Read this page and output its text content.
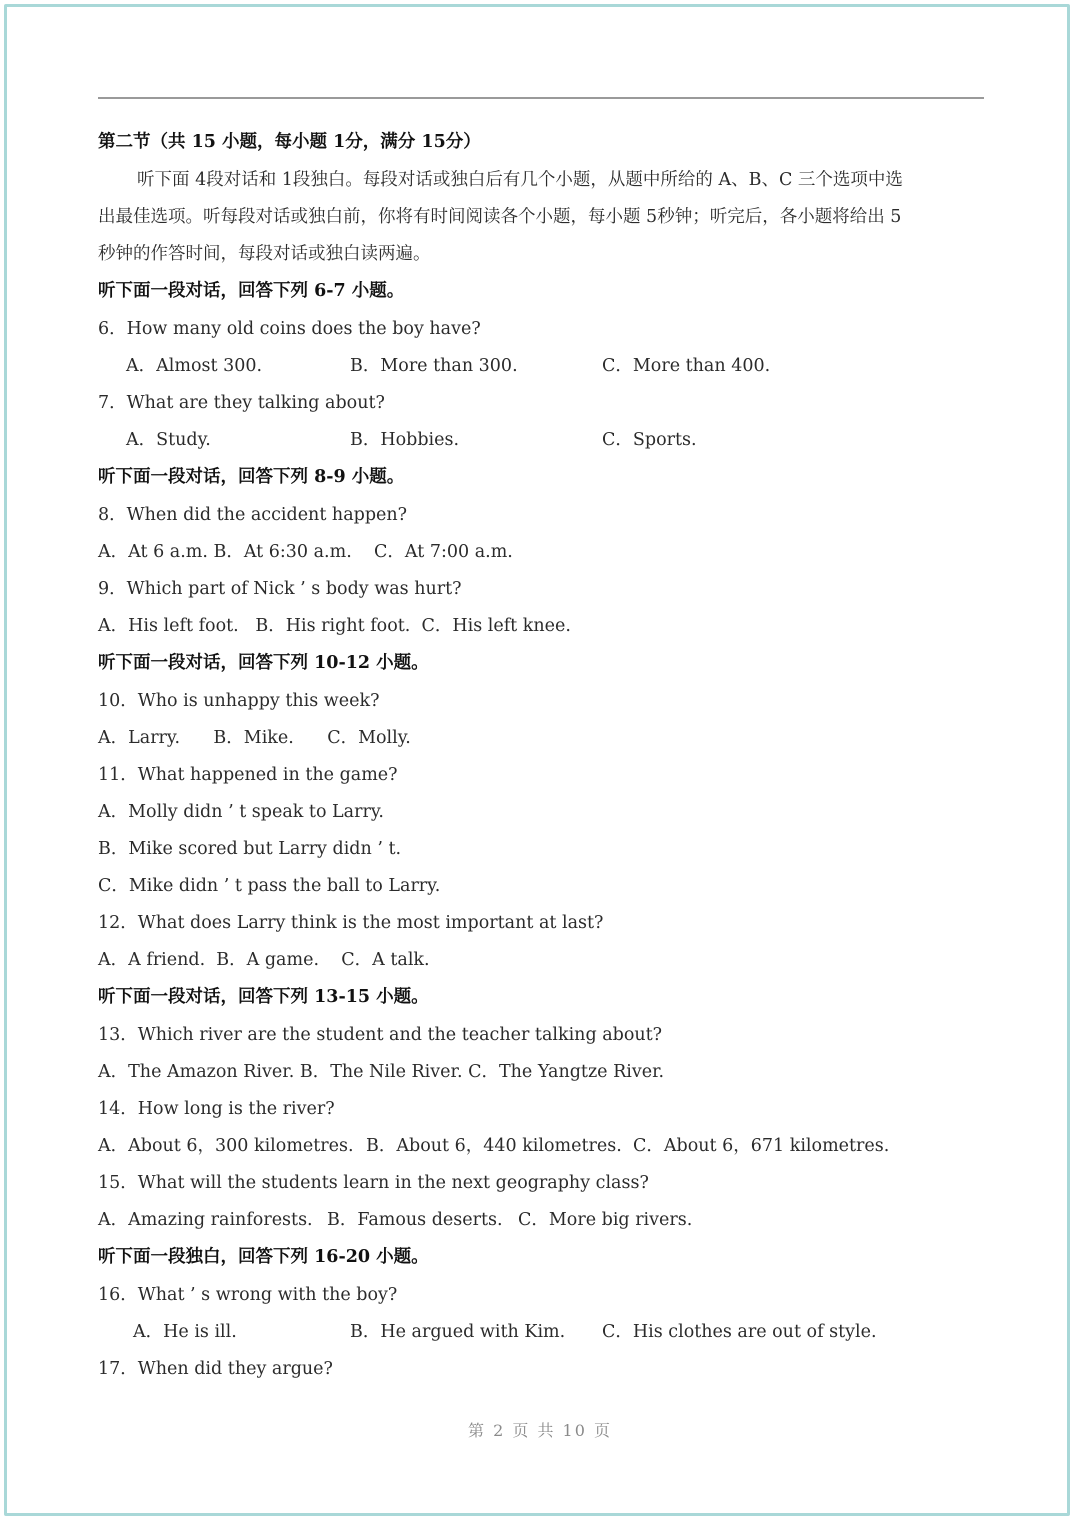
第二节（共 15 小题，每小题 1分，满分 15分）
听下面 4段对话和 1段独白。每段对话或独白后有几个小题，从题中所给的 A、B、C 三个选项中选
出最佳选项。听每段对话或独白前，你将有时间阅读各个小题，每小题 5秒钟；听完后，各小题将给出 5
秒钟的作答时间，每段对话或独白读两遍。
听下面一段对话，回答下列 6-7 小题。
6．How many old coins does the boy have?
A．Almost 300.	B．More than 300.	C．More than 400.
7．What are they talking about?
A．Study.	B．Hobbies.	C．Sports.
听下面一段对话，回答下列 8-9 小题。
8．When did the accident happen?
A．At 6 a.m. B．At 6:30 a.m.    C．At 7:00 a.m.
9．Which part of Nick ’ s body was hurt?
A．His left foot.   B．His right foot.  C．His left knee.
听下面一段对话，回答下列 10-12 小题。
10．Who is unhappy this week?
A．Larry.      B．Mike.      C．Molly.
11．What happened in the game?
A．Molly didn ’ t speak to Larry.
B．Mike scored but Larry didn ’ t.
C．Mike didn ’ t pass the ball to Larry.
12．What does Larry think is the most important at last?
A．A friend.  B．A game.    C．A talk.
听下面一段对话，回答下列 13-15 小题。
13．Which river are the student and the teacher talking about?
A．The Amazon River. B．The Nile River. C．The Yangtze River.
14．How long is the river?
A．About 6，300 kilometres. B．About 6，440 kilometres. C．About 6，671 kilometres.
15．What will the students learn in the next geography class?
A．Amazing rainforests. B．Famous deserts. C．More big rivers.
听下面一段独白，回答下列 16-20 小题。
16．What ’ s wrong with the boy?
A．He is ill.	B．He argued with Kim. C．His clothes are out of style.
17．When did they argue?
第 2 页 共 10 页
